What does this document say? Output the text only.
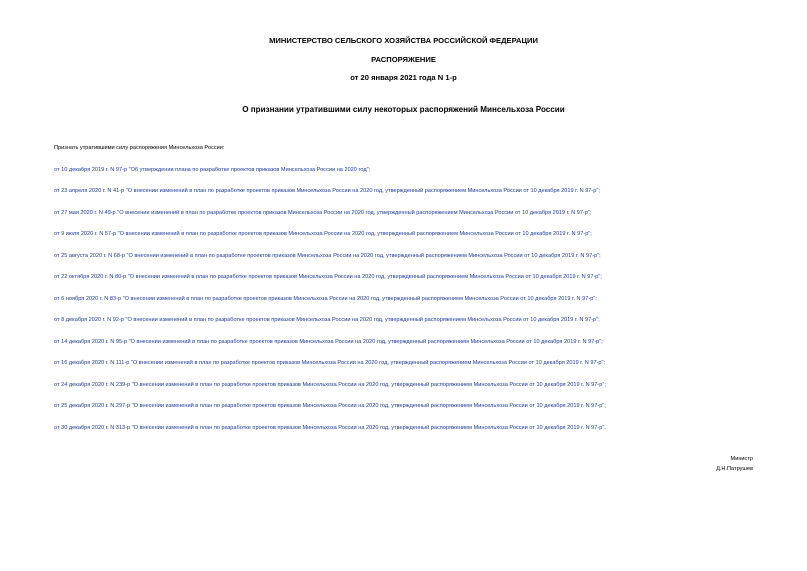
МИНИСТЕРСТВО СЕЛЬСКОГО ХОЗЯЙСТВА РОССИЙСКОЙ ФЕДЕРАЦИИ
РАСПОРЯЖЕНИЕ
от 20 января 2021 года N 1-р
О признании утратившими силу некоторых распоряжений Минсельхоза России

Признать утратившими силу распоряжения Минсельхоза России:

от 10 декабря 2019 г. N 97-р "Об утверждении плана по разработке проектов приказов Минсельхоза России на 2020 год";
от 23 апреля 2020 г. N 41-р "О внесении изменений в план по разработке проектов приказов Минсельхоза России на 2020 год, утвержденный распоряжением Минсельхоза России от 10 декабря 2019 г. N 97-р";
от 27 мая 2020 г. N 49-р "О внесении изменений в план по разработке проектов приказов Минсельхоза России на 2020 год, утвержденный распоряжением Минсельхоза России от 10 декабря 2019 г. N 97-р";
от 9 июля 2020 г. N 57-р "О внесении изменений в план по разработке проектов приказов Минсельхоза России на 2020 год, утвержденный распоряжением Минсельхоза России от 10 декабря 2019 г. N 97-р";
от 25 августа 2020 г. N 68-р "О внесении изменений в план по разработке проектов приказов Минсельхоза России на 2020 год, утвержденный распоряжением Минсельхоза России от 10 декабря 2019 г. N 97-р";
от 22 октября 2020 г. N 80-р "О внесении изменений в план по разработке проектов приказов Минсельхоза России на 2020 год, утвержденный распоряжением Минсельхоза России от 10 декабря 2019 г. N 97-р";
от 6 ноября 2020 г. N 83-р "О внесении изменений в план по разработке проектов приказов Минсельхоза России на 2020 год, утвержденный распоряжением Минсельхоза России от 10 декабря 2019 г. N 97-р";
от 8 декабря 2020 г. N 92-р "О внесении изменений в план по разработке проектов приказов Минсельхоза России на 2020 год, утвержденный распоряжением Минсельхоза России от 10 декабря 2019 г. N 97-р";
от 14 декабря 2020 г. N 95-р "О внесении изменений в план по разработке проектов приказов Минсельхоза России на 2020 год, утвержденный распоряжением Минсельхоза России от 10 декабря 2019 г. N 97-р";
от 16 декабря 2020 г. N 111-р "О внесении изменений в план по разработке проектов приказов Минсельхоза России на 2020 год, утвержденный распоряжением Минсельхоза России от 10 декабря 2019 г. N 97-р";
от 24 декабря 2020 г. N 239-р "О внесении изменений в план по разработке проектов приказов Минсельхоза России на 2020 год, утвержденный распоряжением Минсельхоза России от 10 декабря 2019 г. N 97-р";
от 25 декабря 2020 г. N 297-р "О внесении изменений в план по разработке проектов приказов Минсельхоза России на 2020 год, утвержденный распоряжением Минсельхоза России от 10 декабря 2019 г. N 97-р";
от 30 декабря 2020 г. N 313-р "О внесении изменений в план по разработке проектов приказов Минсельхоза России на 2020 год, утвержденный распоряжением Минсельхоза России от 10 декабря 2019 г. N 97-р".
Министр
Д.Н.Патрушев
